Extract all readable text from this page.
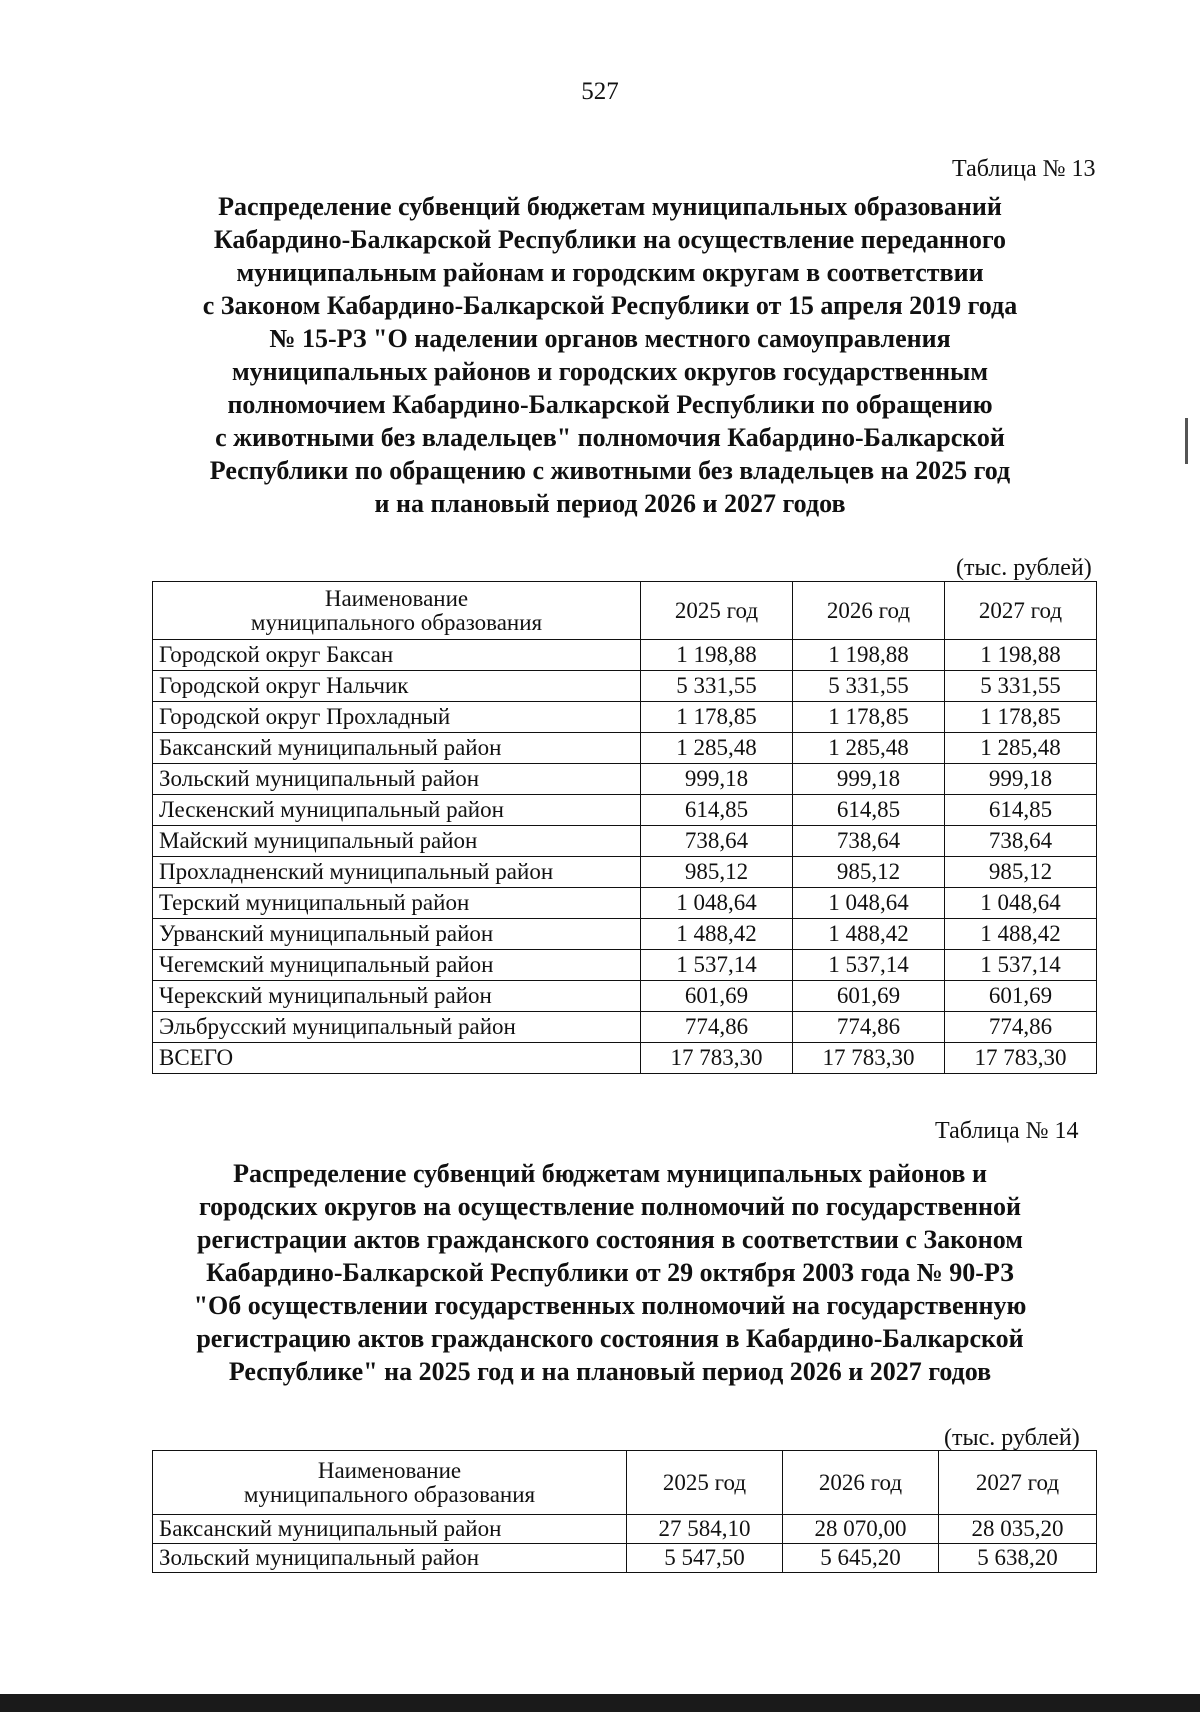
527
Таблица № 13
Распределение субвенций бюджетам муниципальных образований
Кабардино-Балкарской Республики на осуществление переданного
муниципальным районам и городским округам в соответствии
с Законом Кабардино-Балкарской Республики от 15 апреля 2019 года
№ 15-РЗ "О наделении органов местного самоуправления
муниципальных районов и городских округов государственным
полномочием Кабардино-Балкарской Республики по обращению
с животными без владельцев" полномочия Кабардино-Балкарской
Республики по обращению с животными без владельцев на 2025 год
и на плановый период 2026 и 2027 годов
(тыс. рублей)
Наименование
муниципального образования	2025 год	2026 год	2027 год
Городской округ Баксан	1 198,88	1 198,88	1 198,88
Городской округ Нальчик	5 331,55	5 331,55	5 331,55
Городской округ Прохладный	1 178,85	1 178,85	1 178,85
Баксанский муниципальный район	1 285,48	1 285,48	1 285,48
Зольский муниципальный район	999,18	999,18	999,18
Лескенский муниципальный район	614,85	614,85	614,85
Майский муниципальный район	738,64	738,64	738,64
Прохладненский муниципальный район	985,12	985,12	985,12
Терский муниципальный район	1 048,64	1 048,64	1 048,64
Урванский муниципальный район	1 488,42	1 488,42	1 488,42
Чегемский муниципальный район	1 537,14	1 537,14	1 537,14
Черекский муниципальный район	601,69	601,69	601,69
Эльбрусский муниципальный район	774,86	774,86	774,86
ВСЕГО	17 783,30	17 783,30	17 783,30
Таблица № 14
Распределение субвенций бюджетам муниципальных районов и
городских округов на осуществление полномочий по государственной
регистрации актов гражданского состояния в соответствии с Законом
Кабардино-Балкарской Республики от 29 октября 2003 года № 90-РЗ
"Об осуществлении государственных полномочий на государственную
регистрацию актов гражданского состояния в Кабардино-Балкарской
Республике" на 2025 год и на плановый период 2026 и 2027 годов
(тыс. рублей)
Наименование
муниципального образования	2025 год	2026 год	2027 год
Баксанский муниципальный район	27 584,10	28 070,00	28 035,20
Зольский муниципальный район	5 547,50	5 645,20	5 638,20
